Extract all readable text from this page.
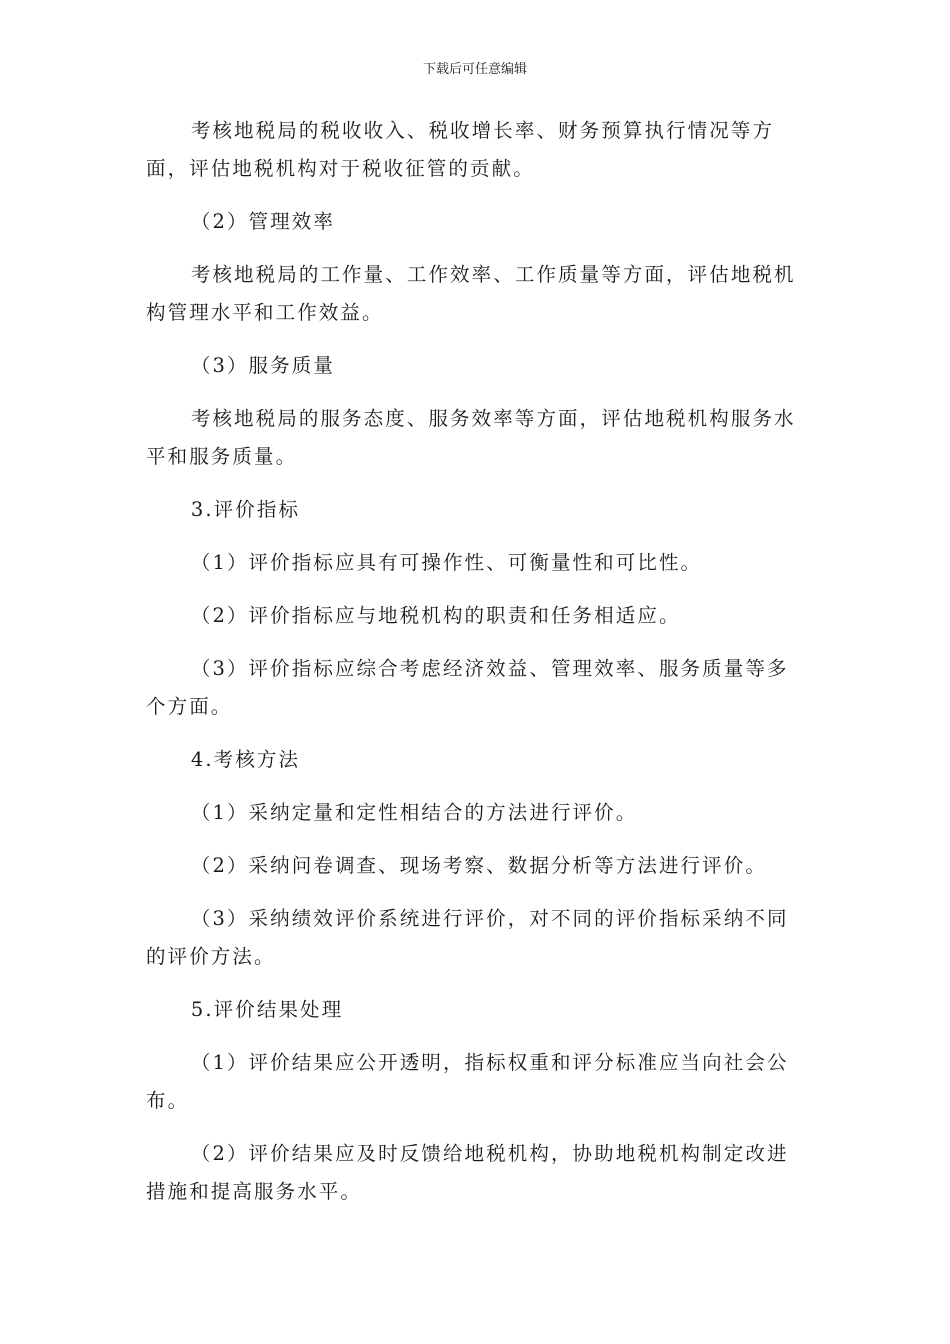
下载后可任意编辑

考核地税局的税收收入、税收增长率、财务预算执行情况等方面，评估地税机构对于税收征管的贡献。

（2）管理效率

考核地税局的工作量、工作效率、工作质量等方面，评估地税机构管理水平和工作效益。

（3）服务质量

考核地税局的服务态度、服务效率等方面，评估地税机构服务水平和服务质量。

3.评价指标

（1）评价指标应具有可操作性、可衡量性和可比性。

（2）评价指标应与地税机构的职责和任务相适应。

（3）评价指标应综合考虑经济效益、管理效率、服务质量等多个方面。

4.考核方法

（1）采纳定量和定性相结合的方法进行评价。

（2）采纳问卷调查、现场考察、数据分析等方法进行评价。

（3）采纳绩效评价系统进行评价，对不同的评价指标采纳不同的评价方法。

5.评价结果处理

（1）评价结果应公开透明，指标权重和评分标准应当向社会公布。

（2）评价结果应及时反馈给地税机构，协助地税机构制定改进措施和提高服务水平。
